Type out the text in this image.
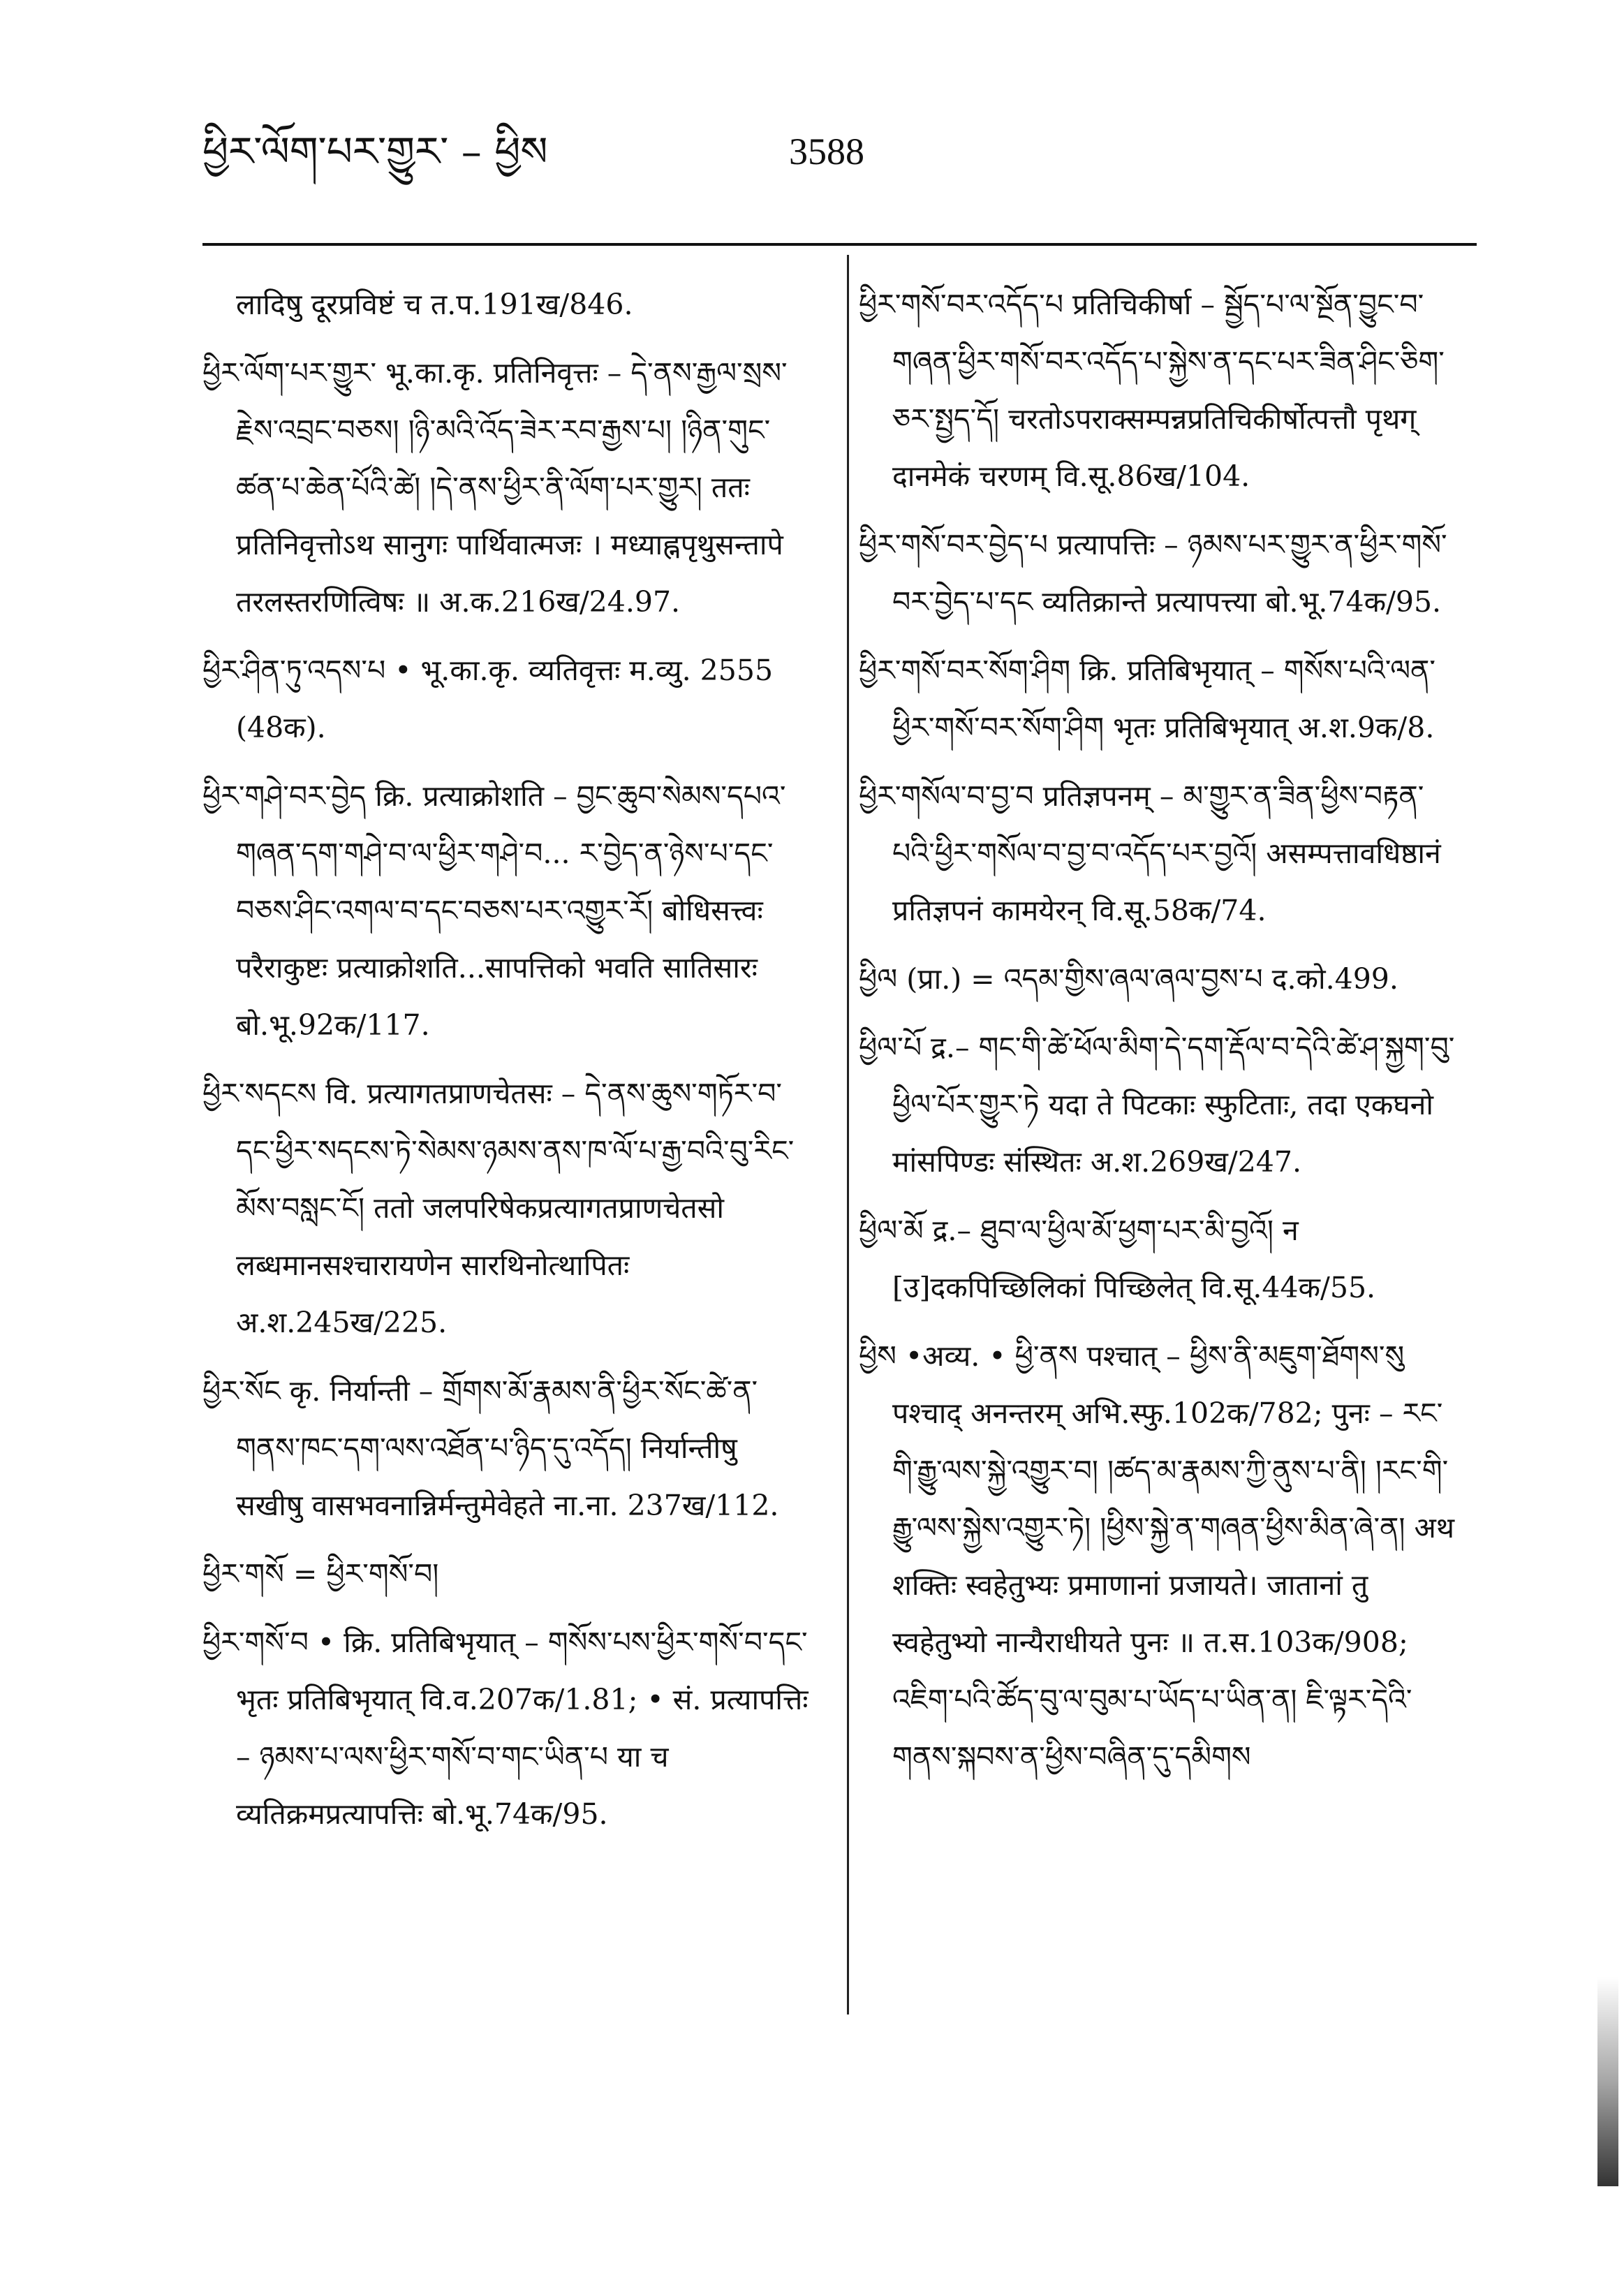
ཕྱིར་ལོག་པར་གྱུར་ – ཕྱིས	3588

लादिषु दूरप्रविष्टं च त.प.191ख/846.

ཕྱིར་ལོག་པར་གྱུར་ भू.का.कृ. प्रतिनिवृत्तः – དེ་ནས་རྒྱལ་སྲས་རྗེས་འབྲང་བཅས། །ཉི་མའི་འོད་ཟེར་རབ་རྒྱས་པ། །ཉིན་གུང་ཚན་པ་ཆེན་པོའི་ཚེ། །དེ་ནས་ཕྱིར་ནི་ལོག་པར་གྱུར། ततः प्रतिनिवृत्तोऽथ सानुगः पार्थिवात्मजः । मध्याह्नपृथुसन्तापे तरलस्तरणित्विषः ॥ अ.क.216ख/24.97.

ཕྱིར་ཤིན་ཏུ་འདས་པ • भू.का.कृ. व्यतिवृत्तः म.व्यु. 2555 (48क).

ཕྱིར་གཤེ་བར་བྱེད क्रि. प्रत्याक्रोशति – བྱང་ཆུབ་སེམས་དཔའ་གཞན་དག་གཤེ་བ་ལ་ཕྱིར་གཤེ་བ... ར་བྱེད་ན་ཉེས་པ་དང་བཅས་ཤིང་འགལ་བ་དང་བཅས་པར་འགྱུར་རོ། बोधिसत्त्वः परैराकुष्टः प्रत्याक्रोशति...सापत्तिको भवति सातिसारः बो.भू.92क/117.

ཕྱིར་སདངས वि. प्रत्यागतप्राणचेतसः – དེ་ནས་ཆུས་གཏོར་བ་དང་ཕྱིར་སདངས་ཏེ་སེམས་ཉམས་ནས་ཁ་ལོ་པ་རྒྱ་བའི་བུ་རིང་མོས་བསླང་ངོ། ततो जलपरिषेकप्रत्यागतप्राणचेतसो लब्धमानसश्चारायणेन सारथिनोत्थापितः अ.श.245ख/225.

ཕྱིར་སོང कृ. निर्यान्ती – གྲོགས་མོ་རྣམས་ནི་ཕྱིར་སོང་ཚེ་ན་གནས་ཁང་དག་ལས་འཐོན་པ་ཉིད་དུ་འདོད། निर्यान्तीषु सखीषु वासभवनान्निर्मन्तुमेवेहते ना.ना. 237ख/112.

ཕྱིར་གསོ = ཕྱིར་གསོ་བ།

ཕྱིར་གསོ་བ • क्रि. प्रतिबिभृयात् – གསོས་པས་ཕྱིར་གསོ་བ་དང་ भृतः प्रतिबिभृयात् वि.व.207क/1.81; • सं. प्रत्यापत्तिः – ཉམས་པ་ལས་ཕྱིར་གསོ་བ་གང་ཡིན་པ या च व्यतिक्रमप्रत्यापत्तिः बो.भू.74क/95.

ཕྱིར་གསོ་བར་འདོད་པ प्रतिचिकीर्षा – སྦྱོད་པ་ལ་སྔོན་བྱུང་བ་གཞན་ཕྱིར་གསོ་བར་འདོད་པ་སྐྱེས་ན་དང་པར་ཟིན་ཤིང་ཅིག་ཅར་སྤྱད་དོ། चरतोऽपराक्सम्पन्नप्रतिचिकीर्षोत्पत्तौ पृथग् दानमेकं चरणम् वि.सू.86ख/104.

ཕྱིར་གསོ་བར་བྱེད་པ प्रत्यापत्तिः – ཉམས་པར་གྱུར་ན་ཕྱིར་གསོ་བར་བྱེད་པ་དང व्यतिक्रान्ते प्रत्यापत्त्या बो.भू.74क/95.

ཕྱིར་གསོ་བར་སོག་ཤིག क्रि. प्रतिबिभृयात् – གསོས་པའི་ལན་ཕྱིར་གསོ་བར་སོག་ཤིག भृतः प्रतिबिभृयात् अ.श.9क/8.

ཕྱིར་གསོལ་བ་བྱ་བ प्रतिज्ञपनम् – མ་གྱུར་ན་ཟིན་ཕྱིས་བརྟན་པའི་ཕྱིར་གསོལ་བ་བྱ་བ་འདོད་པར་བྱའོ། असम्पत्तावधिष्ठानं प्रतिज्ञपनं कामयेरन् वि.सू.58क/74.

ཕྱིལ (प्रा.) = འདམ་གྱིས་ཞལ་ཞལ་བྱས་པ द.को.499.

ཕྱིལ་པོ द्र.– གང་གི་ཚེ་ཕོལ་མིག་དེ་དག་རྡོལ་བ་དེའི་ཚེ་ཤ་སྐྱག་བུ་ཕྱིལ་པོར་གྱུར་ཏེ यदा ते पिटकाः स्फुटिताः, तदा एकघनो मांसपिण्डः संस्थितः अ.श.269ख/247.

ཕྱིལ་མོ द्र.– ཐུབ་ལ་ཕྱིལ་མོ་ཕྱག་པར་མི་བྱའོ། न [उ]दकपिच्छिलिकां पिच्छिलेत् वि.सू.44क/55.

ཕྱིས •अव्य. • ཕྱི་ནས पश्चात् – ཕྱིས་ནི་མཇུག་ཐོགས་སུ पश्चाद् अनन्तरम् अभि.स्फु.102क/782; पुनः – རང་གི་རྒྱུ་ལས་སྐྱེ་འགྱུར་བ། །ཚད་མ་རྣམས་ཀྱི་ནུས་པ་ནི། །རང་གི་རྒྱུ་ལས་སྐྱེས་འགྱུར་ཏེ། །ཕྱིས་སྐྱེ་ན་གཞན་ཕྱིས་མིན་ཞེ་ན། अथ शक्तिः स्वहेतुभ्यः प्रमाणानां प्रजायते। जातानां तु स्वहेतुभ्यो नान्यैराधीयते पुनः ॥ त.स.103क/908; འཇིག་པའི་ཚོད་བུ་ལ་བུམ་པ་ཡོད་པ་ཡིན་ན། ཇི་ལྟར་དེའི་གནས་སྐབས་ན་ཕྱིས་བཞིན་དུ་དམིགས
